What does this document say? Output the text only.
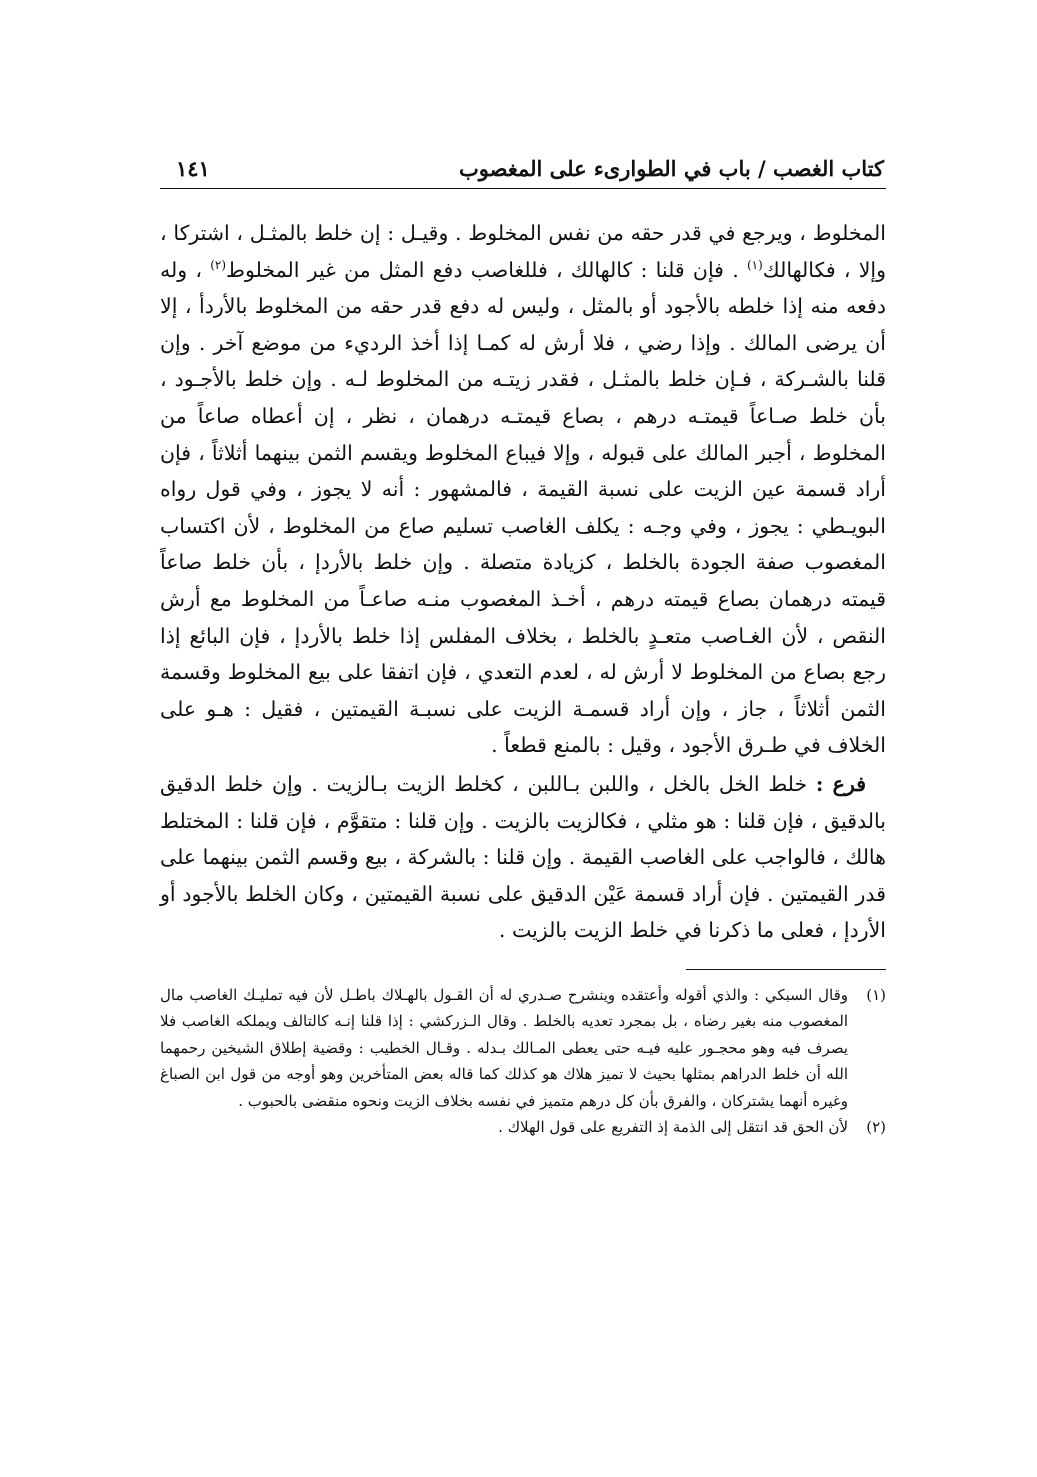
كتاب الغصب / باب في الطوارىء على المغصوب
١٤١

المخلوط ، ويرجع في قدر حقه من نفس المخلوط . وقيـل : إن خلط بالمثـل ، اشتركا ، وإلا ، فكالهالك$^{(١)}$ . فإن قلنا : كالهالك ، فللغاصب دفع المثل من غير المخلوط$^{(٢)}$ ، وله دفعه منه إذا خلطه بالأجود أو بالمثل ، وليس له دفع قدر حقه من المخلوط بالأردأ ، إلا أن يرضى المالك . وإذا رضي ، فلا أرش له كمـا إذا أخذ الرديء من موضع آخر . وإن قلنا بالشـركة ، فـإن خلط بالمثـل ، فقدر زيتـه من المخلوط لـه . وإن خلط بالأجـود ، بأن خلط صـاعاً قيمتـه درهم ، بصاع قيمتـه درهمان ، نظر ، إن أعطاه صاعاً من المخلوط ، أجبر المالك على قبوله ، وإلا فيباع المخلوط ويقسم الثمن بينهما أثلاثاً ، فإن أراد قسمة عين الزيت على نسبة القيمة ، فالمشهور : أنه لا يجوز ، وفي قول رواه البويـطي : يجوز ، وفي وجـه : يكلف الغاصب تسليم صاع من المخلوط ، لأن اكتساب المغصوب صفة الجودة بالخلط ، كزيادة متصلة . وإن خلط بالأردإ ، بأن خلط صاعاً قيمته درهمان بصاع قيمته درهم ، أخـذ المغصوب منـه صاعـاً من المخلوط مع أرش النقص ، لأن الغـاصب متعـدٍ بالخلط ، بخلاف المفلس إذا خلط بالأردإ ، فإن البائع إذا رجع بصاع من المخلوط لا أرش له ، لعدم التعدي ، فإن اتفقا على بيع المخلوط وقسمة الثمن أثلاثاً ، جاز ، وإن أراد قسمـة الزيت على نسبـة القيمتين ، فقيل : هـو على الخلاف في طـرق الأجود ، وقيل : بالمنع قطعاً .

فرع : خلط الخل بالخل ، واللبن بـاللبن ، كخلط الزيت بـالزيت . وإن خلط الدقيق بالدقيق ، فإن قلنا : هو مثلي ، فكالزيت بالزيت . وإن قلنا : متقوَّم ، فإن قلنا : المختلط هالك ، فالواجب على الغاصب القيمة . وإن قلنا : بالشركة ، بيع وقسم الثمن بينهما على قدر القيمتين . فإن أراد قسمة عَيْن الدقيق على نسبة القيمتين ، وكان الخلط بالأجود أو الأردإ ، فعلى ما ذكرنا في خلط الزيت بالزيت .

(١)
وقال السبكي : والذي أقوله وأعتقده وينشرح صـدري له أن القـول بالهـلاك باطـل لأن فيه تمليـك الغاصب مال المغصوب منه بغير رضاه ، بل بمجرد تعديه بالخلط . وقال الـزركشي : إذا قلنا إنـه كالتالف ويملكه الغاصب فلا يصرف فيه وهو محجـور عليه فيـه حتى يعطى المـالك بـدله . وقـال الخطيب : وقضية إطلاق الشيخين رحمهما الله أن خلط الدراهم بمثلها بحيث لا تميز هلاك هو كذلك كما قاله بعض المتأخرين وهو أوجه من قول ابن الصباغ وغيره أنهما يشتركان ، والفرق بأن كل درهم متميز في نفسه بخلاف الزيت ونحوه منقضى بالحبوب .
(٢)
لأن الحق قد انتقل إلى الذمة إذ التفريع على قول الهلاك .
